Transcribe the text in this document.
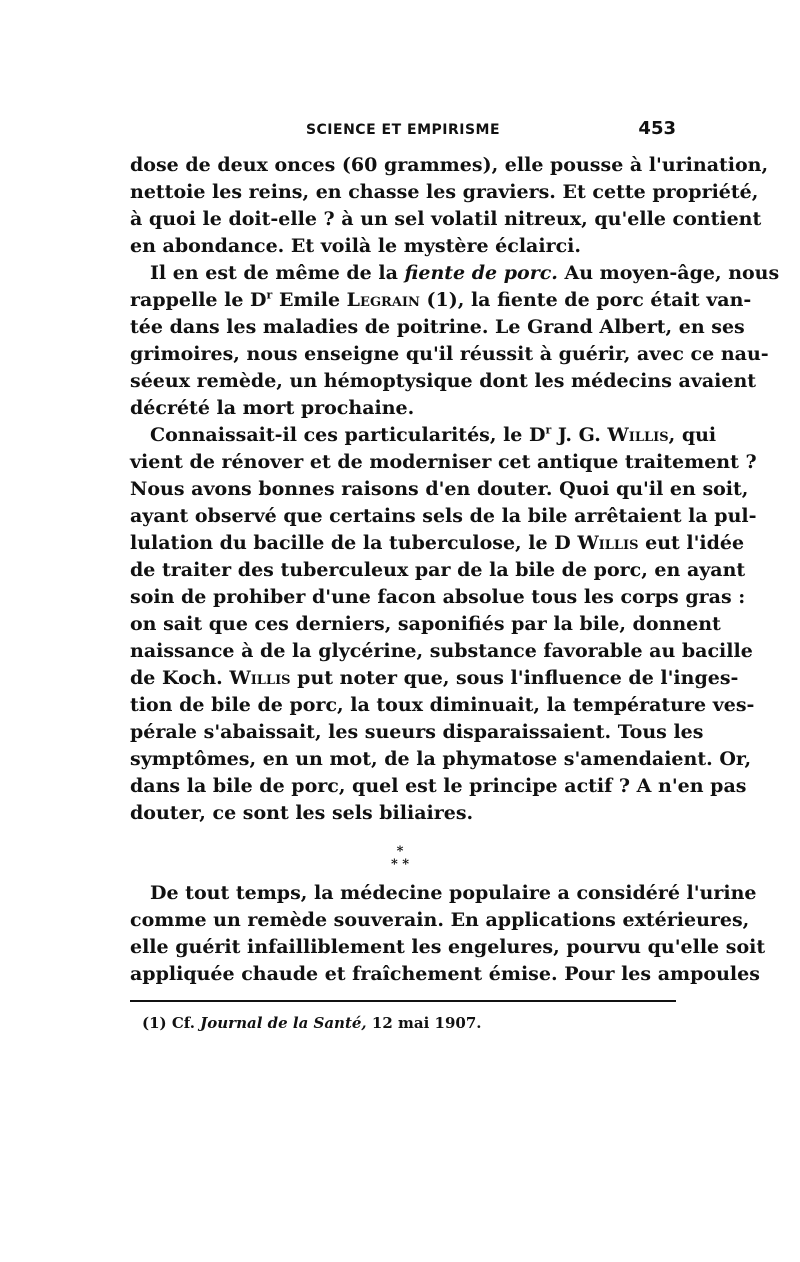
SCIENCE ET EMPIRISME	453
dose de deux onces (60 grammes), elle pousse à l'urination,
nettoie les reins, en chasse les graviers. Et cette propriété,
à quoi le doit-elle ? à un sel volatil nitreux, qu'elle contient
en abondance. Et voilà le mystère éclairci.
Il en est de même de la fiente de porc. Au moyen-âge, nous
rappelle le $D^r$ Emile Legrain (1), la fiente de porc était van-
tée dans les maladies de poitrine. Le Grand Albert, en ses
grimoires, nous enseigne qu'il réussit à guérir, avec ce nau-
séeux remède, un hémoptysique dont les médecins avaient
décrété la mort prochaine.
Connaissait-il ces particularités, le $D^r$ J. G. Willis, qui
vient de rénover et de moderniser cet antique traitement ?
Nous avons bonnes raisons d'en douter. Quoi qu'il en soit,
ayant observé que certains sels de la bile arrêtaient la pul-
lulation du bacille de la tuberculose, le D Willis eut l'idée
de traiter des tuberculeux par de la bile de porc, en ayant
soin de prohiber d'une facon absolue tous les corps gras :
on sait que ces derniers, saponifiés par la bile, donnent
naissance à de la glycérine, substance favorable au bacille
de Koch. Willis put noter que, sous l'influence de l'inges-
tion de bile de porc, la toux diminuait, la température ves-
pérale s'abaissait, les sueurs disparaissaient. Tous les
symptômes, en un mot, de la phymatose s'amendaient. Or,
dans la bile de porc, quel est le principe actif ? A n'en pas
douter, ce sont les sels biliaires.
*
* *
De tout temps, la médecine populaire a considéré l'urine
comme un remède souverain. En applications extérieures,
elle guérit infailliblement les engelures, pourvu qu'elle soit
appliquée chaude et fraîchement émise. Pour les ampoules
(1) Cf. Journal de la Santé, 12 mai 1907.
